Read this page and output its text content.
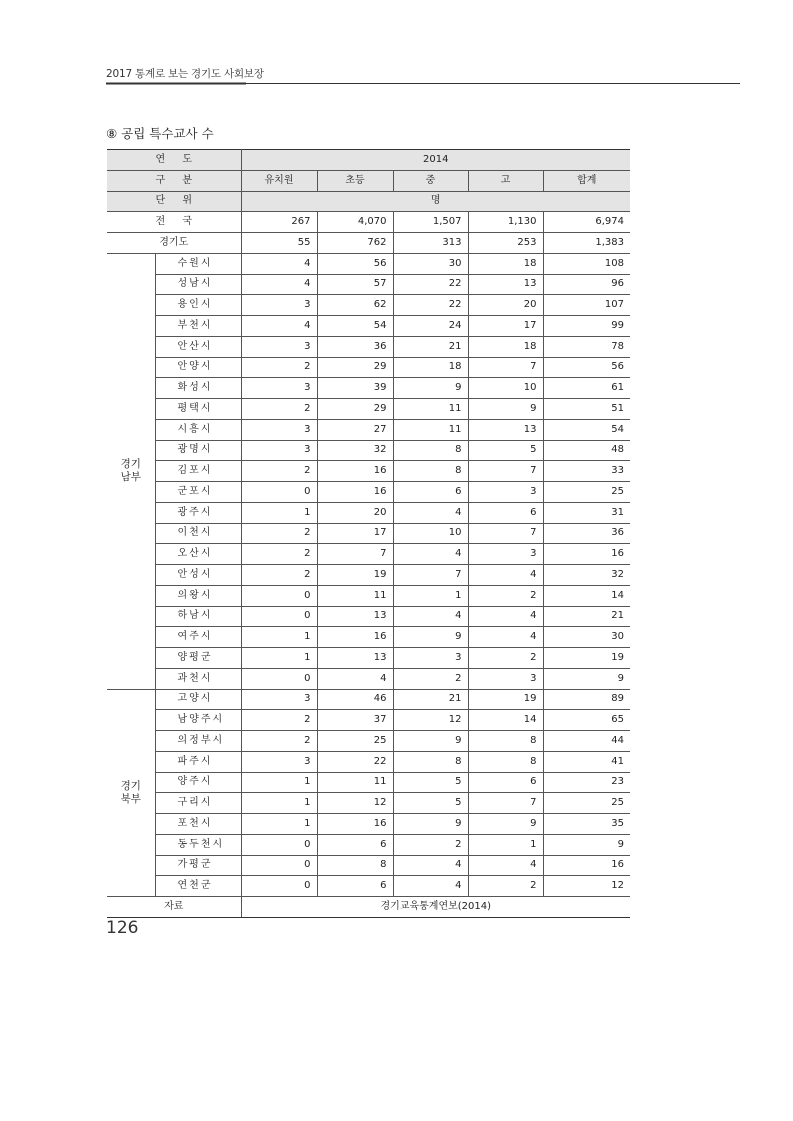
2017 통계로 보는 경기도 사회보장
⑧ 공립 특수교사 수
연 도		2014				
구 분		유치원	초등	중	고	합계
단 위		명				
전 국		267	4,070	1,507	1,130	6,974
경기도		55	762	313	253	1,383
경기
남부	수원시	4	56	30	18	108
	성남시	4	57	22	13	96
	용인시	3	62	22	20	107
	부천시	4	54	24	17	99
	안산시	3	36	21	18	78
	안양시	2	29	18	7	56
	화성시	3	39	9	10	61
	평택시	2	29	11	9	51
	시흥시	3	27	11	13	54
	광명시	3	32	8	5	48
	김포시	2	16	8	7	33
	군포시	0	16	6	3	25
	광주시	1	20	4	6	31
	이천시	2	17	10	7	36
	오산시	2	7	4	3	16
	안성시	2	19	7	4	32
	의왕시	0	11	1	2	14
	하남시	0	13	4	4	21
	여주시	1	16	9	4	30
	양평군	1	13	3	2	19
	과천시	0	4	2	3	9
경기
북부	고양시	3	46	21	19	89
	남양주시	2	37	12	14	65
	의정부시	2	25	9	8	44
	파주시	3	22	8	8	41
	양주시	1	11	5	6	23
	구리시	1	12	5	7	25
	포천시	1	16	9	9	35
	동두천시	0	6	2	1	9
	가평군	0	8	4	4	16
	연천군	0	6	4	2	12
자료		경기교육통계연보(2014)				
126
